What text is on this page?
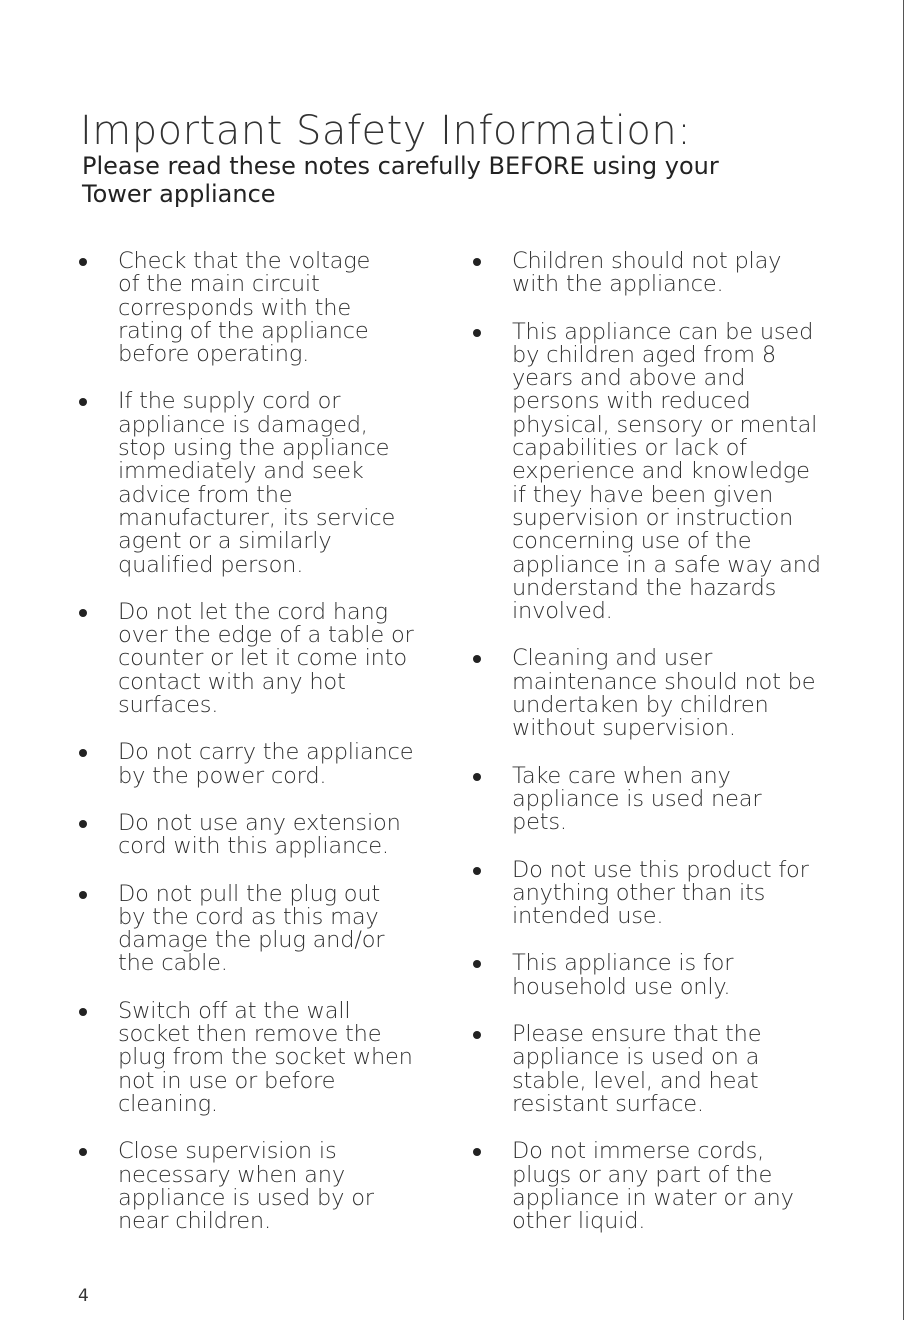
Important Safety Information:
Please read these notes carefully BEFORE using your Tower appliance
Check that the voltage of the main circuit corresponds with the rating of the appliance before operating.
If the supply cord or appliance is damaged, stop using the appliance immediately and seek advice from the manufacturer, its service agent or a similarly qualified person.
Do not let the cord hang over the edge of a table or counter or let it come into contact with any hot surfaces.
Do not carry the appliance by the power cord.
Do not use any extension cord with this appliance.
Do not pull the plug out by the cord as this may damage the plug and/or the cable.
Switch off at the wall socket then remove the plug from the socket when not in use or before cleaning.
Close supervision is necessary when any appliance is used by or near children.
Children should not play with the appliance.
This appliance can be used by children aged from 8 years and above and persons with reduced physical, sensory or mental capabilities or lack of experience and knowledge if they have been given supervision or instruction concerning use of the appliance in a safe way and understand the hazards involved.
Cleaning and user maintenance should not be undertaken by children without supervision.
Take care when any appliance is used near pets.
Do not use this product for anything other than its intended use.
This appliance is for household use only.
Please ensure that the appliance is used on a stable, level, and heat resistant surface.
Do not immerse cords, plugs or any part of the appliance in water or any other liquid.
4
